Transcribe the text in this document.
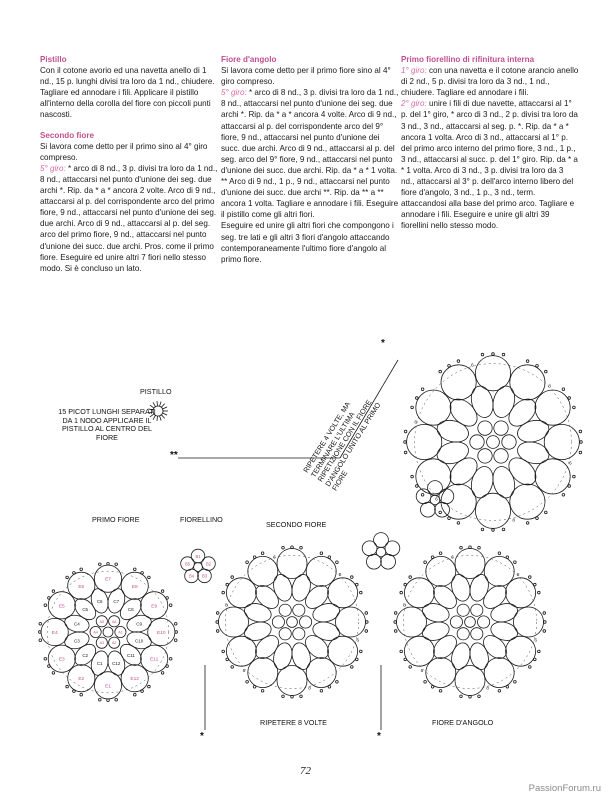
Pistillo
Con il cotone avorio ed una navetta anello di 1 nd., 15 p. lunghi divisi tra loro da 1 nd., chiudere. Tagliare ed annodare i fili. Applicare il pistillo all'interno della corolla del fiore con piccoli punti nascosti.

Secondo fiore
Si lavora come detto per il primo sino al 4° giro compreso.
5° giro: * arco di 8 nd., 3 p. divisi tra loro da 1 nd., 8 nd., attaccarsi nel punto d'unione dei seg. due archi *. Rip. da * a * ancora 2 volte. Arco di 9 nd., attaccarsi al p. del corrispondente arco del primo fiore, 9 nd., attaccarsi nel punto d'unione dei seg. due archi. Arco di 9 nd., attaccarsi al p. del seg. arco del primo fiore, 9 nd., attaccarsi nel punto d'unione dei succ. due archi. Pros. come il primo fiore. Eseguire ed unire altri 7 fiori nello stesso modo. Si è concluso un lato.

Fiore d'angolo
Si lavora come detto per il primo fiore sino al 4° giro compreso.
5° giro: * arco di 8 nd., 3 p. divisi tra loro da 1 nd., 8 nd., attaccarsi nel punto d'unione dei seg. due archi *. Rip. da * a * ancora 4 volte. Arco di 9 nd., attaccarsi al p. del corrispondente arco del 9° fiore, 9 nd., attaccarsi nel punto d'unione dei succ. due archi. Arco di 9 nd., attaccarsi al p. del seg. arco del 9° fiore, 9 nd., attaccarsi nel punto d'unione dei succ. due archi. Rip. da * a * 1 volta. ** Arco di 9 nd., 1 p., 9 nd., attaccarsi nel punto d'unione dei succ. due archi **. Rip. da ** a ** ancora 1 volta. Tagliare e annodare i fili. Eseguire il pistillo come gli altri fiori.
Eseguire ed unire gli altri fiori che compongono i seg. tre lati e gli altri 3 fiori d'angolo attaccando contemporaneamente l'ultimo fiore d'angolo al primo fiore.

Primo fiorellino di rifinitura interna
1° giro: con una navetta e il cotone arancio anello di 2 nd., 5 p. divisi tra loro da 3 nd., 1 nd., chiudere. Tagliare ed annodare i fili.
2° giro: unire i fili di due navette, attaccarsi al 1° p. del 1° giro, * arco di 3 nd., 2 p. divisi tra loro da 3 nd., 3 nd., attaccarsi al seg. p. *. Rip. da * a * ancora 1 volta. Arco di 3 nd., attaccarsi al 1° p. del primo arco interno del primo fiore, 3 nd., 1 p., 3 nd., attaccarsi al succ. p. del 1° giro. Rip. da * a * 1 volta. Arco di 3 nd., 3 p. divisi tra loro da 3 nd., attaccarsi al 3° p. dell'arco interno libero del fiore d'angolo, 3 nd., 1 p., 3 nd., term. attaccandosi alla base del primo arco. Tagliare e annodare i fili. Eseguire e unire gli altri 39 fiorellini nello stesso modo.

E1
C1
E2
C2
E3
C3
E4
C4
E5
C5
E6
C6
E7
C7
E8
C8
E9
C9
E10
C10
E11
C11
E12
C12
A1
A2
A3
A4
A5 A6
B1
B2
B3
B4
B5
6
8
6
8
6
8
6
8
6
8
6
8
6
8
6
8
6
8
PISTILLO
15 PICOT LUNGHI SEPARATI DA 1 NODO APPLICARE IL PISTILLO AL CENTRO DEL FIORE
PRIMO FIORE	FIORELLINO
SECONDO FIORE
RIPETERE 8 VOLTE	FIORE D'ANGOLO
RIPETERE 4 VOLTE, MA TERMINARE L'ULTIMA RIPETIZIONE CON IL FIORE D'ANGOLO UNITO AL PRIMO FIORE
**
*
*	*
72
PassionForum.ru
